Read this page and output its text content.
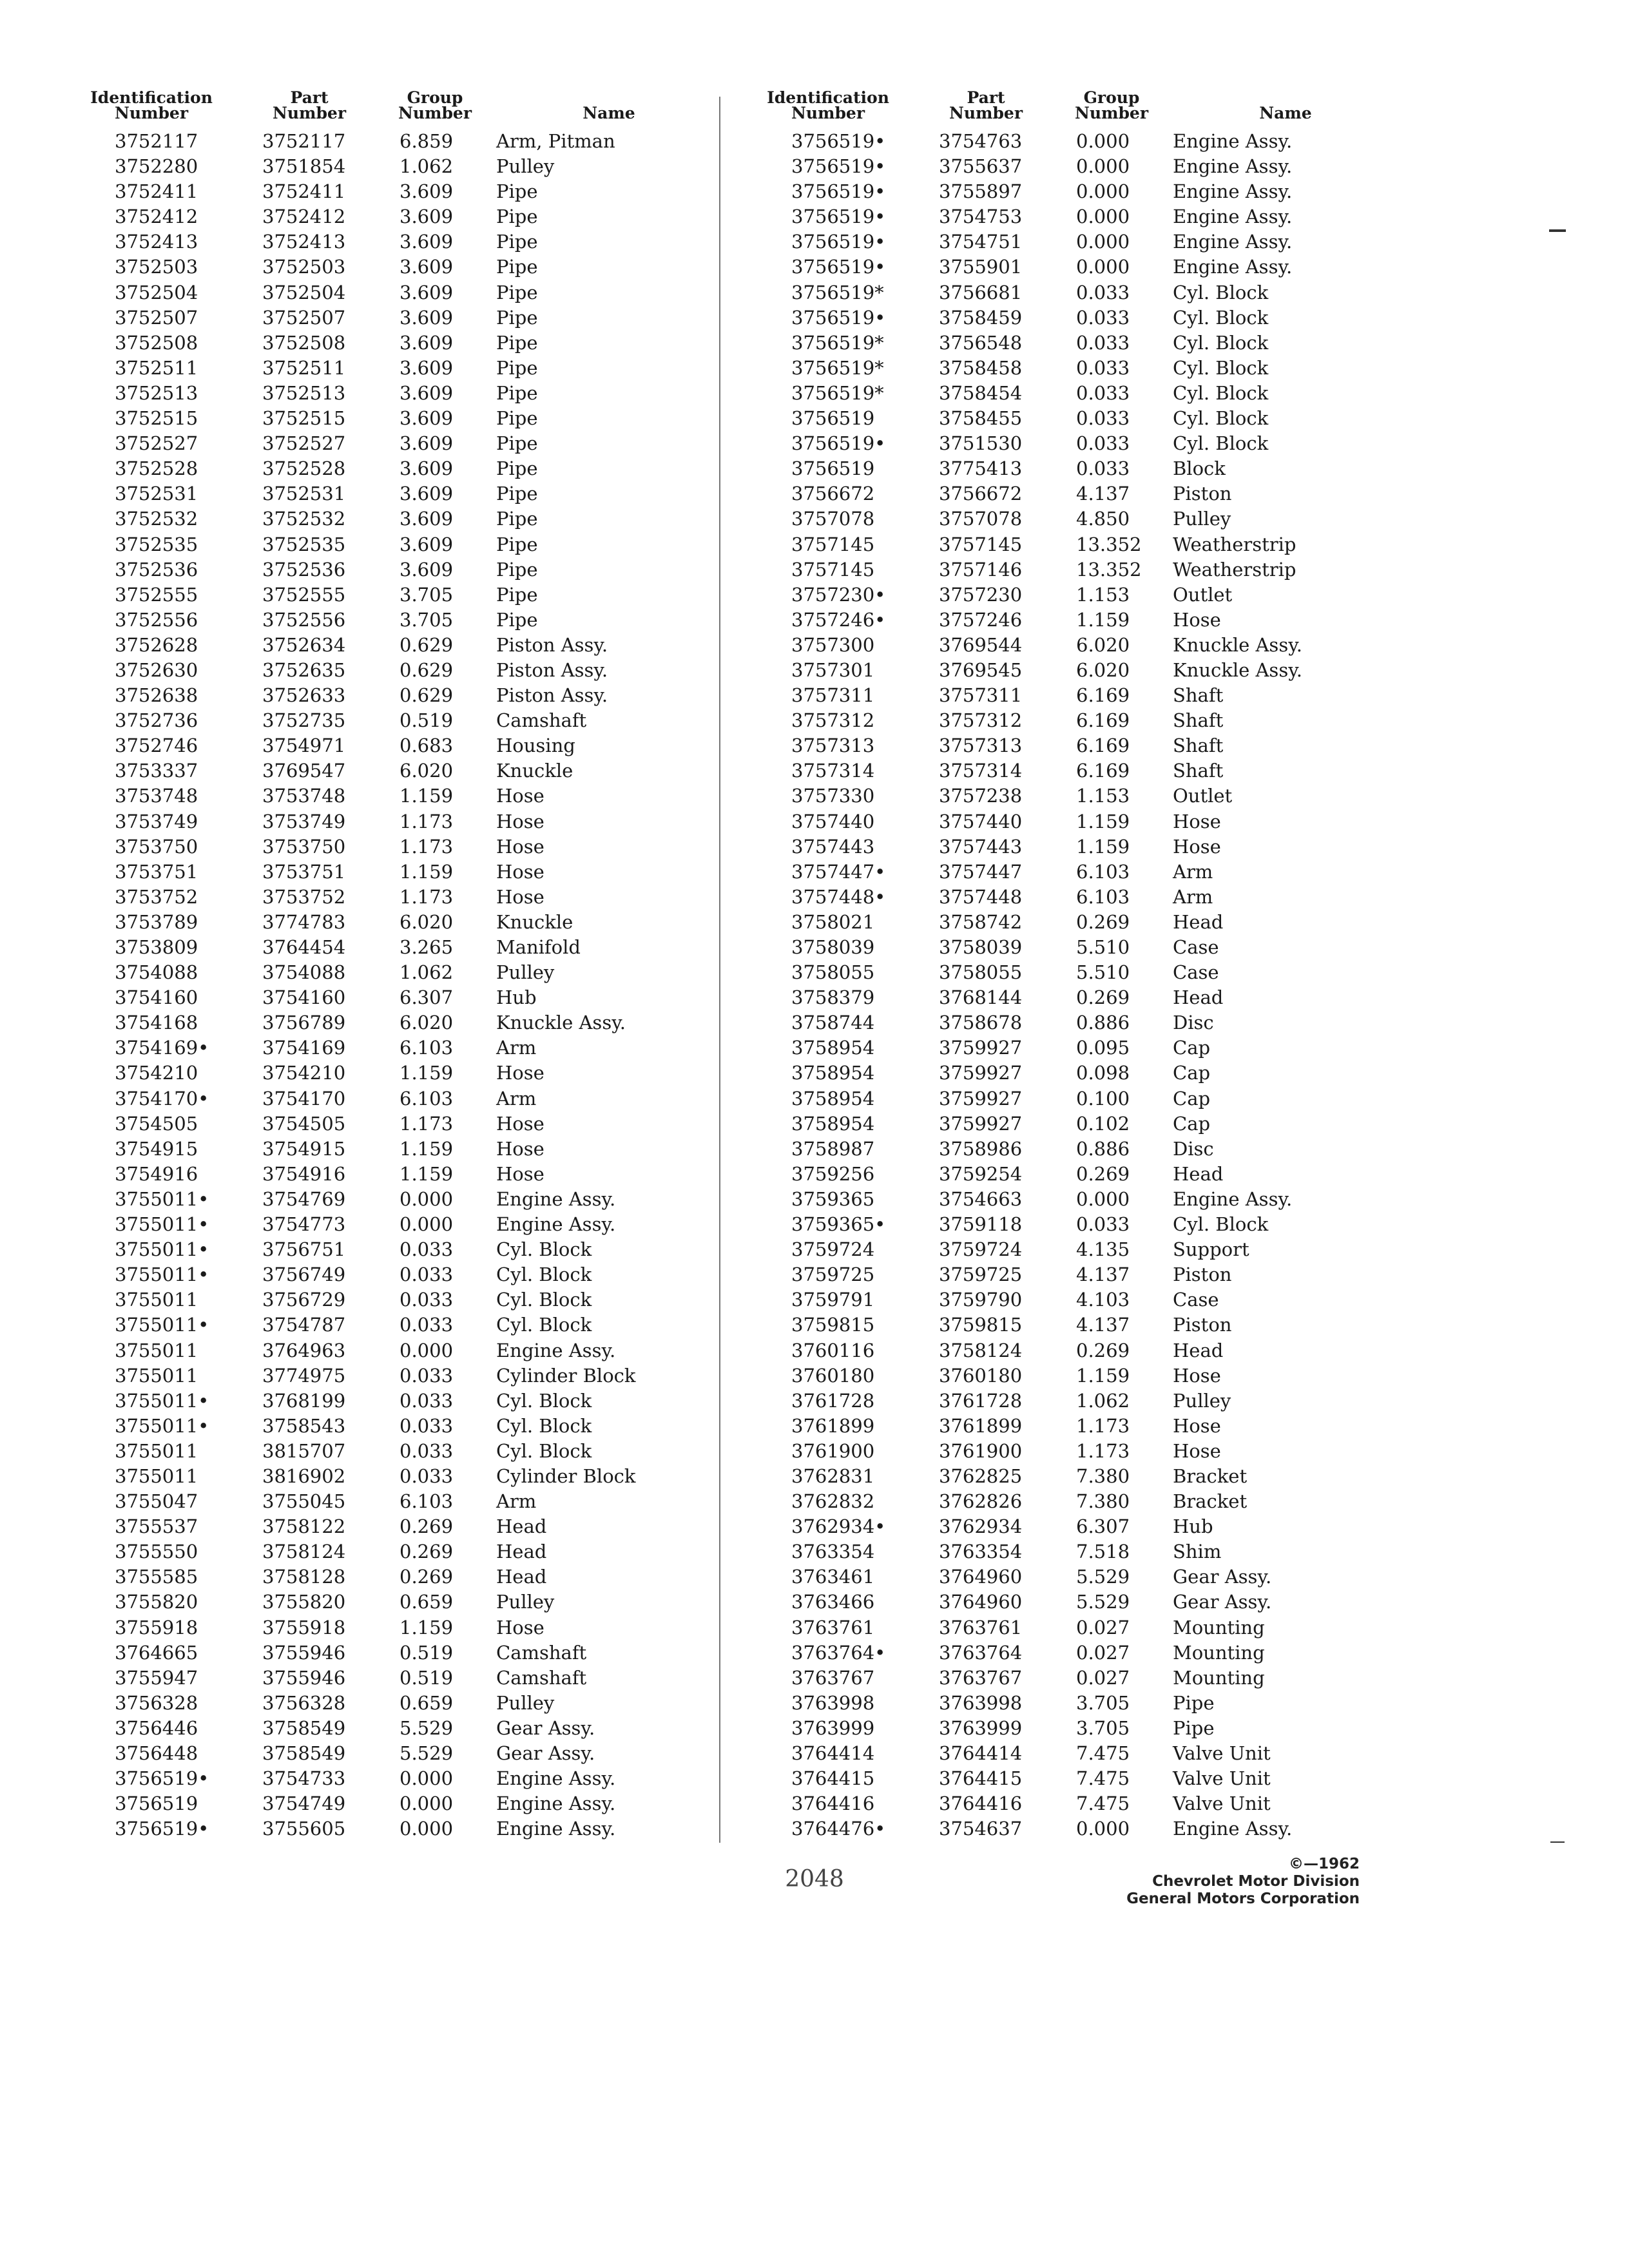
Identification
Number
Part
Number
Group
Number	Name
3752117	3752117	6.859	Arm, Pitman
3752280	3751854	1.062	Pulley
3752411	3752411	3.609	Pipe
3752412	3752412	3.609	Pipe
3752413	3752413	3.609	Pipe
3752503	3752503	3.609	Pipe
3752504	3752504	3.609	Pipe
3752507	3752507	3.609	Pipe
3752508	3752508	3.609	Pipe
3752511	3752511	3.609	Pipe
3752513	3752513	3.609	Pipe
3752515	3752515	3.609	Pipe
3752527	3752527	3.609	Pipe
3752528	3752528	3.609	Pipe
3752531	3752531	3.609	Pipe
3752532	3752532	3.609	Pipe
3752535	3752535	3.609	Pipe
3752536	3752536	3.609	Pipe
3752555	3752555	3.705	Pipe
3752556	3752556	3.705	Pipe
3752628	3752634	0.629	Piston Assy.
3752630	3752635	0.629	Piston Assy.
3752638	3752633	0.629	Piston Assy.
3752736	3752735	0.519	Camshaft
3752746	3754971	0.683	Housing
3753337	3769547	6.020	Knuckle
3753748	3753748	1.159	Hose
3753749	3753749	1.173	Hose
3753750	3753750	1.173	Hose
3753751	3753751	1.159	Hose
3753752	3753752	1.173	Hose
3753789	3774783	6.020	Knuckle
3753809	3764454	3.265	Manifold
3754088	3754088	1.062	Pulley
3754160	3754160	6.307	Hub
3754168	3756789	6.020	Knuckle Assy.
3754169•	3754169	6.103	Arm
3754210	3754210	1.159	Hose
3754170•	3754170	6.103	Arm
3754505	3754505	1.173	Hose
3754915	3754915	1.159	Hose
3754916	3754916	1.159	Hose
3755011•	3754769	0.000	Engine Assy.
3755011•	3754773	0.000	Engine Assy.
3755011•	3756751	0.033	Cyl. Block
3755011•	3756749	0.033	Cyl. Block
3755011	3756729	0.033	Cyl. Block
3755011•	3754787	0.033	Cyl. Block
3755011	3764963	0.000	Engine Assy.
3755011	3774975	0.033	Cylinder Block
3755011•	3768199	0.033	Cyl. Block
3755011•	3758543	0.033	Cyl. Block
3755011	3815707	0.033	Cyl. Block
3755011	3816902	0.033	Cylinder Block
3755047	3755045	6.103	Arm
3755537	3758122	0.269	Head
3755550	3758124	0.269	Head
3755585	3758128	0.269	Head
3755820	3755820	0.659	Pulley
3755918	3755918	1.159	Hose
3764665	3755946	0.519	Camshaft
3755947	3755946	0.519	Camshaft
3756328	3756328	0.659	Pulley
3756446	3758549	5.529	Gear Assy.
3756448	3758549	5.529	Gear Assy.
3756519•	3754733	0.000	Engine Assy.
3756519	3754749	0.000	Engine Assy.
3756519•	3755605	0.000	Engine Assy.
Identification
Number
Part
Number
Group
Number	Name
3756519•	3754763	0.000	Engine Assy.
3756519•	3755637	0.000	Engine Assy.
3756519•	3755897	0.000	Engine Assy.
3756519•	3754753	0.000	Engine Assy.
3756519•	3754751	0.000	Engine Assy.
3756519•	3755901	0.000	Engine Assy.
3756519*	3756681	0.033	Cyl. Block
3756519•	3758459	0.033	Cyl. Block
3756519*	3756548	0.033	Cyl. Block
3756519*	3758458	0.033	Cyl. Block
3756519*	3758454	0.033	Cyl. Block
3756519	3758455	0.033	Cyl. Block
3756519•	3751530	0.033	Cyl. Block
3756519	3775413	0.033	Block
3756672	3756672	4.137	Piston
3757078	3757078	4.850	Pulley
3757145	3757145	13.352	Weatherstrip
3757145	3757146	13.352	Weatherstrip
3757230•	3757230	1.153	Outlet
3757246•	3757246	1.159	Hose
3757300	3769544	6.020	Knuckle Assy.
3757301	3769545	6.020	Knuckle Assy.
3757311	3757311	6.169	Shaft
3757312	3757312	6.169	Shaft
3757313	3757313	6.169	Shaft
3757314	3757314	6.169	Shaft
3757330	3757238	1.153	Outlet
3757440	3757440	1.159	Hose
3757443	3757443	1.159	Hose
3757447•	3757447	6.103	Arm
3757448•	3757448	6.103	Arm
3758021	3758742	0.269	Head
3758039	3758039	5.510	Case
3758055	3758055	5.510	Case
3758379	3768144	0.269	Head
3758744	3758678	0.886	Disc
3758954	3759927	0.095	Cap
3758954	3759927	0.098	Cap
3758954	3759927	0.100	Cap
3758954	3759927	0.102	Cap
3758987	3758986	0.886	Disc
3759256	3759254	0.269	Head
3759365	3754663	0.000	Engine Assy.
3759365•	3759118	0.033	Cyl. Block
3759724	3759724	4.135	Support
3759725	3759725	4.137	Piston
3759791	3759790	4.103	Case
3759815	3759815	4.137	Piston
3760116	3758124	0.269	Head
3760180	3760180	1.159	Hose
3761728	3761728	1.062	Pulley
3761899	3761899	1.173	Hose
3761900	3761900	1.173	Hose
3762831	3762825	7.380	Bracket
3762832	3762826	7.380	Bracket
3762934•	3762934	6.307	Hub
3763354	3763354	7.518	Shim
3763461	3764960	5.529	Gear Assy.
3763466	3764960	5.529	Gear Assy.
3763761	3763761	0.027	Mounting
3763764•	3763764	0.027	Mounting
3763767	3763767	0.027	Mounting
3763998	3763998	3.705	Pipe
3763999	3763999	3.705	Pipe
3764414	3764414	7.475	Valve Unit
3764415	3764415	7.475	Valve Unit
3764416	3764416	7.475	Valve Unit
3764476•	3754637	0.000	Engine Assy.
2048
©—1962
Chevrolet Motor Division
General Motors Corporation
